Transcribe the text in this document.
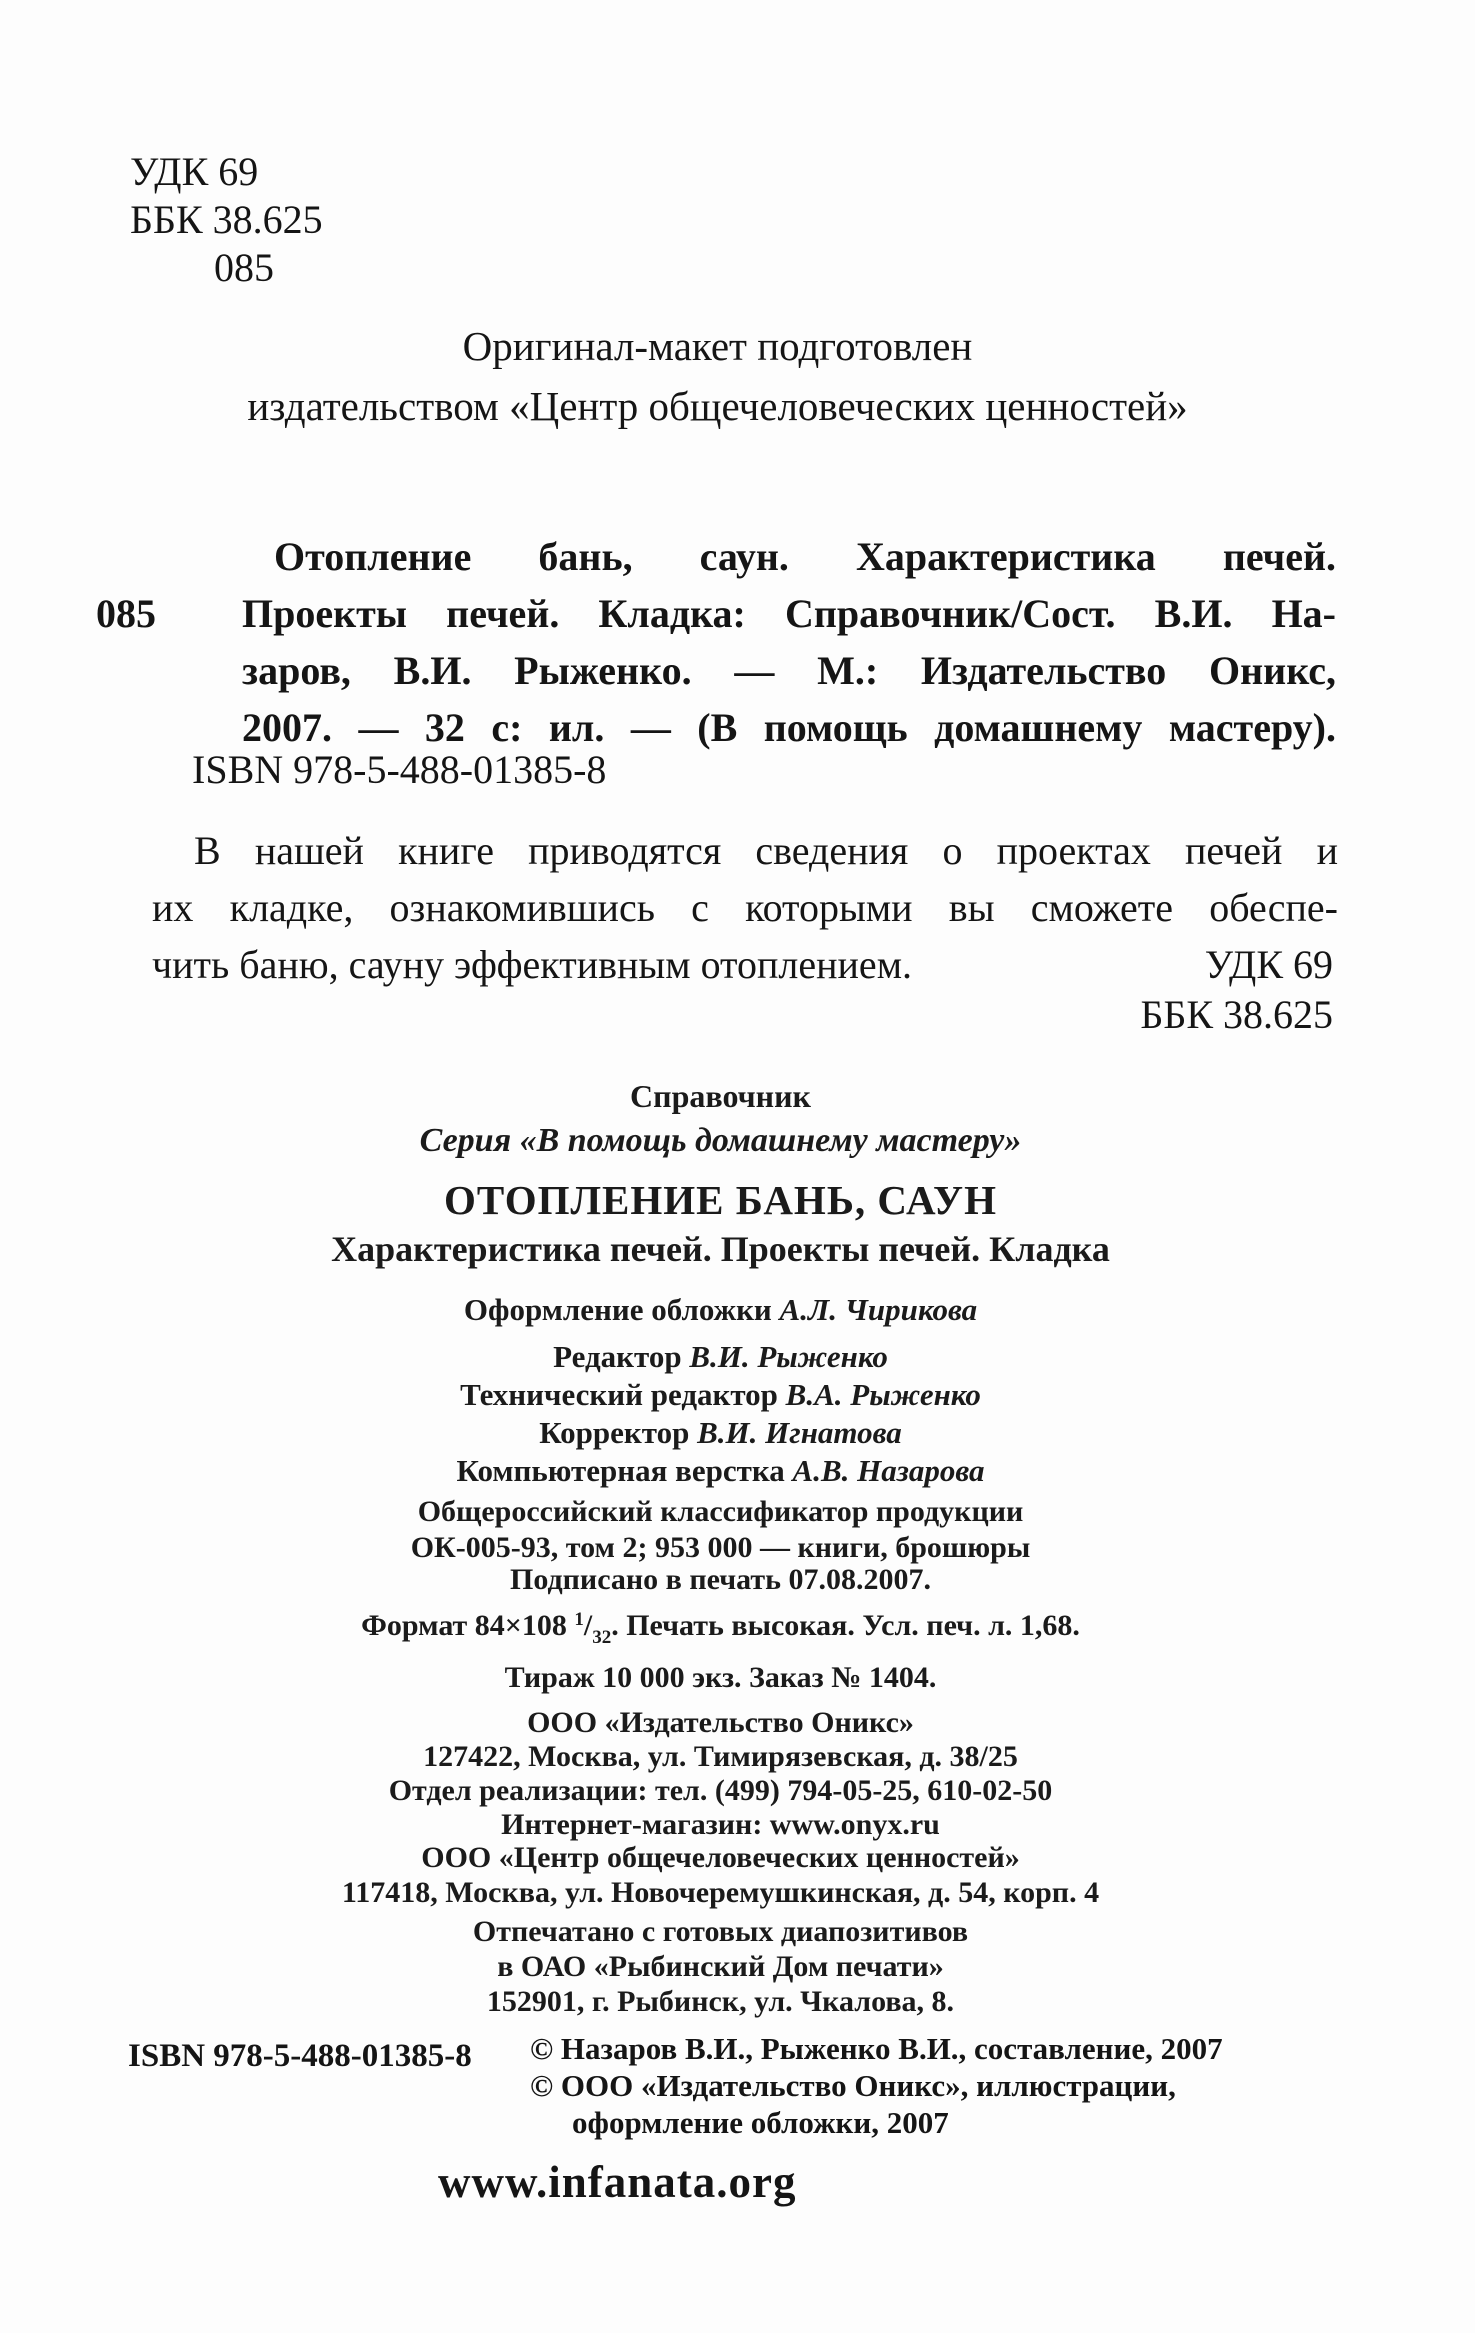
УДК 69
ББК 38.625
085
Оригинал-макет подготовлен
издательством «Центр общечеловеческих ценностей»
085
Отопление бань, саун. Характеристика печей.
Проекты печей. Кладка: Справочник/Сост. В.И. На-
заров, В.И. Рыженко. — М.: Издательство Оникс,
2007. — 32 с: ил. — (В помощь домашнему мастеру).
ISBN 978-5-488-01385-8
В нашей книге приводятся сведения о проектах печей и
их кладке, ознакомившись с которыми вы сможете обеспе-
чить баню, сауну эффективным отоплением.	УДК 69
ББК 38.625
Справочник
Серия «В помощь домашнему мастеру»
ОТОПЛЕНИЕ БАНЬ, САУН
Характеристика печей. Проекты печей. Кладка
Оформление обложки А.Л. Чирикова
Редактор В.И. Рыженко
Технический редактор В.А. Рыженко
Корректор В.И. Игнатова
Компьютерная верстка А.В. Назарова
Общероссийский классификатор продукции
ОК-005-93, том 2; 953 000 — книги, брошюры
Подписано в печать 07.08.2007.
Формат 84×108 $^1/_{32}$. Печать высокая. Усл. печ. л. 1,68.
Тираж 10 000 экз. Заказ № 1404.
ООО «Издательство Оникс»
127422, Москва, ул. Тимирязевская, д. 38/25
Отдел реализации: тел. (499) 794-05-25, 610-02-50
Интернет-магазин: www.onyx.ru
ООО «Центр общечеловеческих ценностей»
117418, Москва, ул. Новочеремушкинская, д. 54, корп. 4
Отпечатано с готовых диапозитивов
в ОАО «Рыбинский Дом печати»
152901, г. Рыбинск, ул. Чкалова, 8.
ISBN 978-5-488-01385-8 © Назаров В.И., Рыженко В.И., составление, 2007
© ООО «Издательство Оникс», иллюстрации,
оформление обложки, 2007
www.infanata.org
